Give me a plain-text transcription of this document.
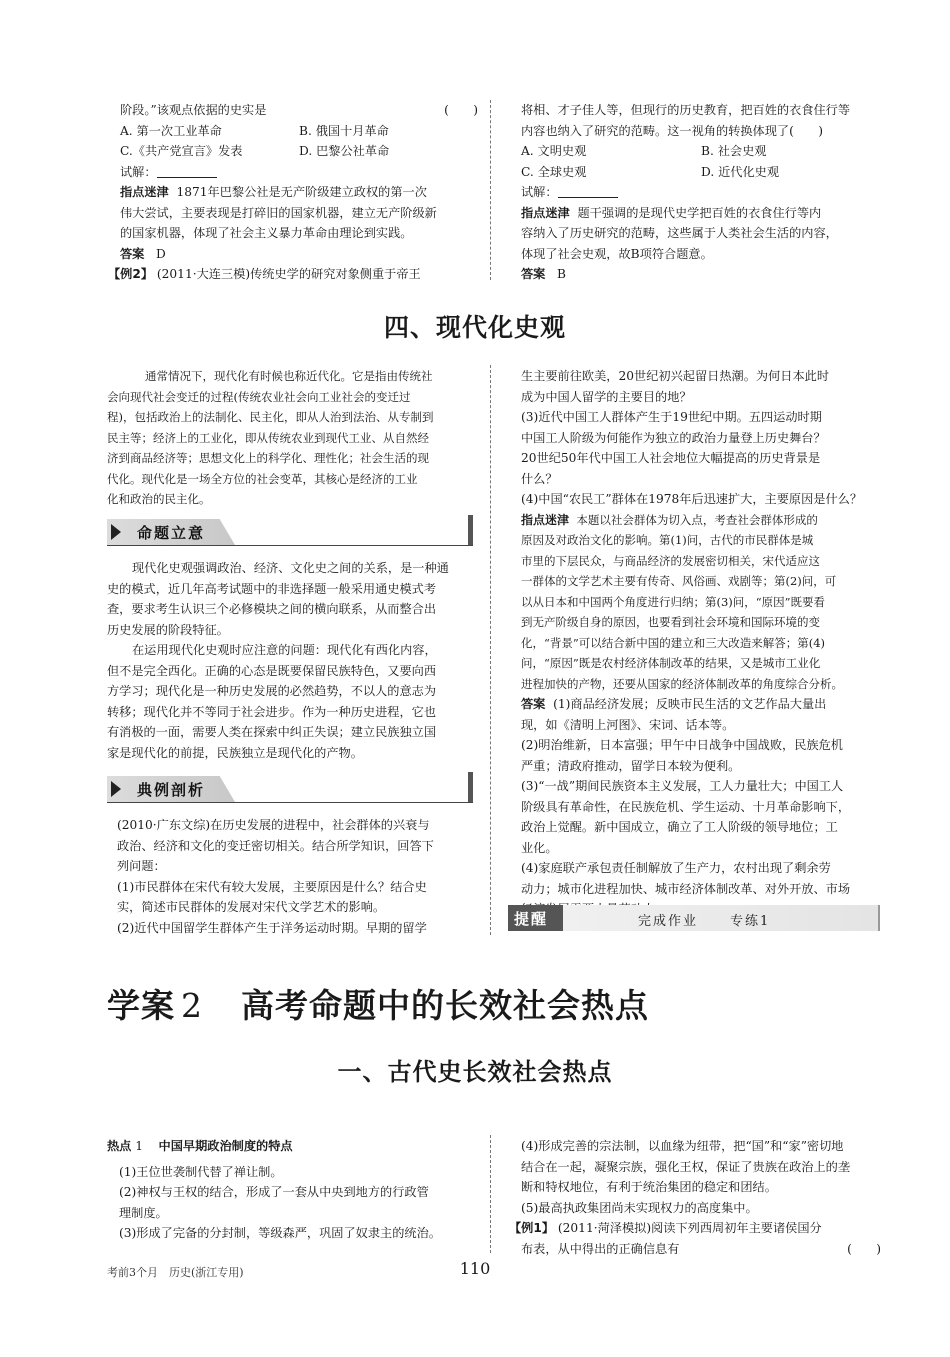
阶段。”该观点依据的史实是	(　　)
A. 第一次工业革命	B. 俄国十月革命
C.《共产党宣言》发表	D. 巴黎公社革命
试解：
指点迷津 1871年巴黎公社是无产阶级建立政权的第一次
伟大尝试，主要表现是打碎旧的国家机器，建立无产阶级新
的国家机器，体现了社会主义暴力革命由理论到实践。
答案 D
【例2】 (2011·大连三模)传统史学的研究对象侧重于帝王
将相、才子佳人等，但现行的历史教育，把百姓的衣食住行等
内容也纳入了研究的范畴。这一视角的转换体现了(　　)
A. 文明史观	B. 社会史观
C. 全球史观	D. 近代化史观
试解：
指点迷津 题干强调的是现代史学把百姓的衣食住行等内
容纳入了历史研究的范畴，这些属于人类社会生活的内容，
体现了社会史观，故B项符合题意。
答案 B
四、现代化史观
通常情况下，现代化有时候也称近代化。它是指由传统社
会向现代社会变迁的过程(传统农业社会向工业社会的变迁过
程)，包括政治上的法制化、民主化，即从人治到法治、从专制到
民主等；经济上的工业化，即从传统农业到现代工业、从自然经
济到商品经济等；思想文化上的科学化、理性化；社会生活的现
代化。现代化是一场全方位的社会变革，其核心是经济的工业
化和政治的民主化。
命题立意
现代化史观强调政治、经济、文化史之间的关系，是一种通
史的模式，近几年高考试题中的非选择题一般采用通史模式考
查，要求考生认识三个必修模块之间的横向联系，从而整合出
历史发展的阶段特征。
在运用现代化史观时应注意的问题：现代化有西化内容，
但不是完全西化。正确的心态是既要保留民族特色，又要向西
方学习；现代化是一种历史发展的必然趋势，不以人的意志为
转移；现代化并不等同于社会进步。作为一种历史进程，它也
有消极的一面，需要人类在探索中纠正失误；建立民族独立国
家是现代化的前提，民族独立是现代化的产物。
典例剖析
(2010·广东文综)在历史发展的进程中，社会群体的兴衰与
政治、经济和文化的变迁密切相关。结合所学知识，回答下
列问题：
(1)市民群体在宋代有较大发展，主要原因是什么？结合史
实，简述市民群体的发展对宋代文学艺术的影响。
(2)近代中国留学生群体产生于洋务运动时期。早期的留学
生主要前往欧美，20世纪初兴起留日热潮。为何日本此时
成为中国人留学的主要目的地？
(3)近代中国工人群体产生于19世纪中期。五四运动时期
中国工人阶级为何能作为独立的政治力量登上历史舞台？
20世纪50年代中国工人社会地位大幅提高的历史背景是
什么？
(4)中国“农民工”群体在1978年后迅速扩大，主要原因是什么？
指点迷津 本题以社会群体为切入点，考查社会群体形成的
原因及对政治文化的影响。第(1)问，古代的市民群体是城
市里的下层民众，与商品经济的发展密切相关，宋代适应这
一群体的文学艺术主要有传奇、风俗画、戏剧等；第(2)问，可
以从日本和中国两个角度进行归纳；第(3)问，“原因”既要看
到无产阶级自身的原因，也要看到社会环境和国际环境的变
化，“背景”可以结合新中国的建立和三大改造来解答；第(4)
问，“原因”既是农村经济体制改革的结果，又是城市工业化
进程加快的产物，还要从国家的经济体制改革的角度综合分析。
答案 (1)商品经济发展；反映市民生活的文艺作品大量出
现，如《清明上河图》、宋词、话本等。
(2)明治维新，日本富强；甲午中日战争中国战败，民族危机
严重；清政府推动，留学日本较为便利。
(3)“一战”期间民族资本主义发展，工人力量壮大；中国工人
阶级具有革命性，在民族危机、学生运动、十月革命影响下，
政治上觉醒。新中国成立，确立了工人阶级的领导地位；工
业化。
(4)家庭联产承包责任制解放了生产力，农村出现了剩余劳
动力；城市化进程加快、城市经济体制改革、对外开放、市场
提醒	完成作业 专练1
学案 2 高考命题中的长效社会热点
一、古代史长效社会热点
热点 1 中国早期政治制度的特点
(1)王位世袭制代替了禅让制。
(2)神权与王权的结合，形成了一套从中央到地方的行政管
理制度。
(3)形成了完备的分封制，等级森严，巩固了奴隶主的统治。
(4)形成完善的宗法制，以血缘为纽带，把“国”和“家”密切地
结合在一起，凝聚宗族，强化王权，保证了贵族在政治上的垄
断和特权地位，有利于统治集团的稳定和团结。
(5)最高执政集团尚未实现权力的高度集中。
【例1】 (2011·菏泽模拟)阅读下列西周初年主要诸侯国分
布表，从中得出的正确信息有	(　　)
考前3个月　历史(浙江专用)	110
